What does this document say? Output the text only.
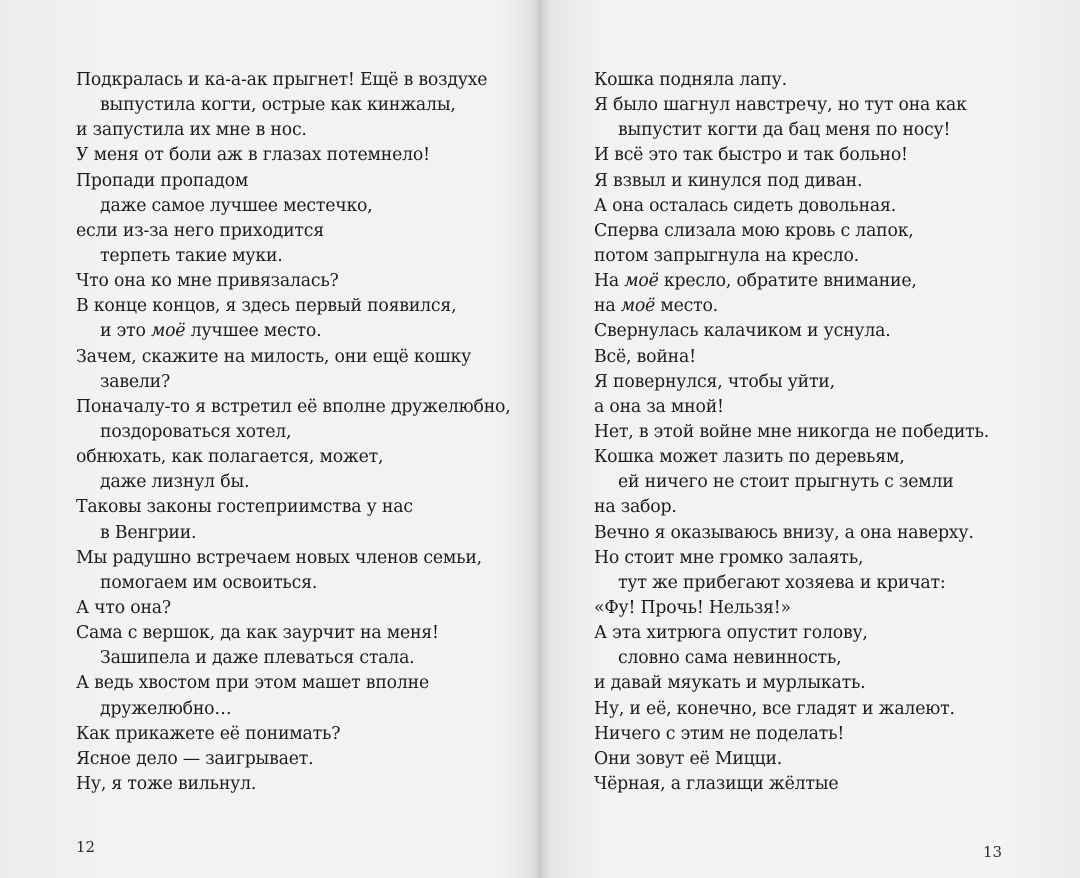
Подкралась и ка-а-ак прыгнет! Ещё в воздухе
выпустила когти, острые как кинжалы,
и запустила их мне в нос.
У меня от боли аж в глазах потемнело!
Пропади пропадом
даже самое лучшее местечко,
если из-за него приходится
терпеть такие муки.
Что она ко мне привязалась?
В конце концов, я здесь первый появился,
и это моё лучшее место.
Зачем, скажите на милость, они ещё кошку
завели?
Поначалу-то я встретил её вполне дружелюбно,
поздороваться хотел,
обнюхать, как полагается, может,
даже лизнул бы.
Таковы законы гостеприимства у нас
в Венгрии.
Мы радушно встречаем новых членов семьи,
помогаем им освоиться.
А что она?
Сама с вершок, да как заурчит на меня!
Зашипела и даже плеваться стала.
А ведь хвостом при этом машет вполне
дружелюбно…
Как прикажете её понимать?
Ясное дело — заигрывает.
Ну, я тоже вильнул.
Кошка подняла лапу.
Я было шагнул навстречу, но тут она как
выпустит когти да бац меня по носу!
И всё это так быстро и так больно!
Я взвыл и кинулся под диван.
А она осталась сидеть довольная.
Сперва слизала мою кровь с лапок,
потом запрыгнула на кресло.
На моё кресло, обратите внимание,
на моё место.
Свернулась калачиком и уснула.
Всё, война!
Я повернулся, чтобы уйти,
а она за мной!
Нет, в этой войне мне никогда не победить.
Кошка может лазить по деревьям,
ей ничего не стоит прыгнуть с земли
на забор.
Вечно я оказываюсь внизу, а она наверху.
Но стоит мне громко залаять,
тут же прибегают хозяева и кричат:
«Фу! Прочь! Нельзя!»
А эта хитрюга опустит голову,
словно сама невинность,
и давай мяукать и мурлыкать.
Ну, и её, конечно, все гладят и жалеют.
Ничего с этим не поделать!
Они зовут её Мицци.
Чёрная, а глазищи жёлтые
12	13
